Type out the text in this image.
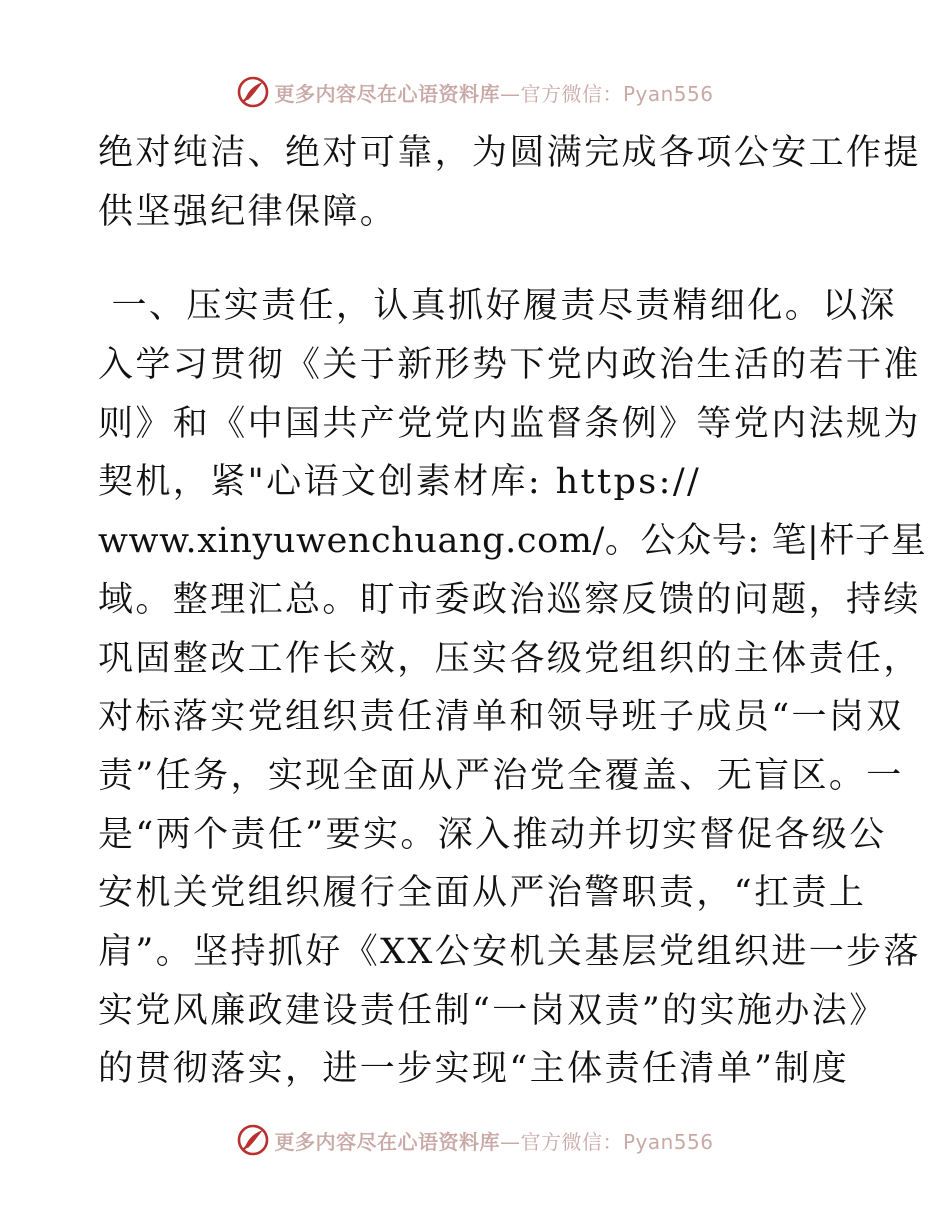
更多内容尽在心语资料库—官方微信：Pyan556
绝对纯洁、绝对可靠，为圆满完成各项公安工作提
供坚强纪律保障。
一、压实责任，认真抓好履责尽责精细化。以深
入学习贯彻《关于新形势下党内政治生活的若干准
则》和《中国共产党党内监督条例》等党内法规为
契机，紧"心语文创素材库: https://
www.xinyuwenchuang.com/。公众号: 笔|杆子星
域。整理汇总。盯市委政治巡察反馈的问题，持续
巩固整改工作长效，压实各级党组织的主体责任，
对标落实党组织责任清单和领导班子成员“一岗双
责”任务，实现全面从严治党全覆盖、无盲区。一
是“两个责任”要实。深入推动并切实督促各级公
安机关党组织履行全面从严治警职责，“扛责上
肩”。坚持抓好《XX公安机关基层党组织进一步落
实党风廉政建设责任制“一岗双责”的实施办法》
的贯彻落实，进一步实现“主体责任清单”制度
更多内容尽在心语资料库—官方微信：Pyan556
